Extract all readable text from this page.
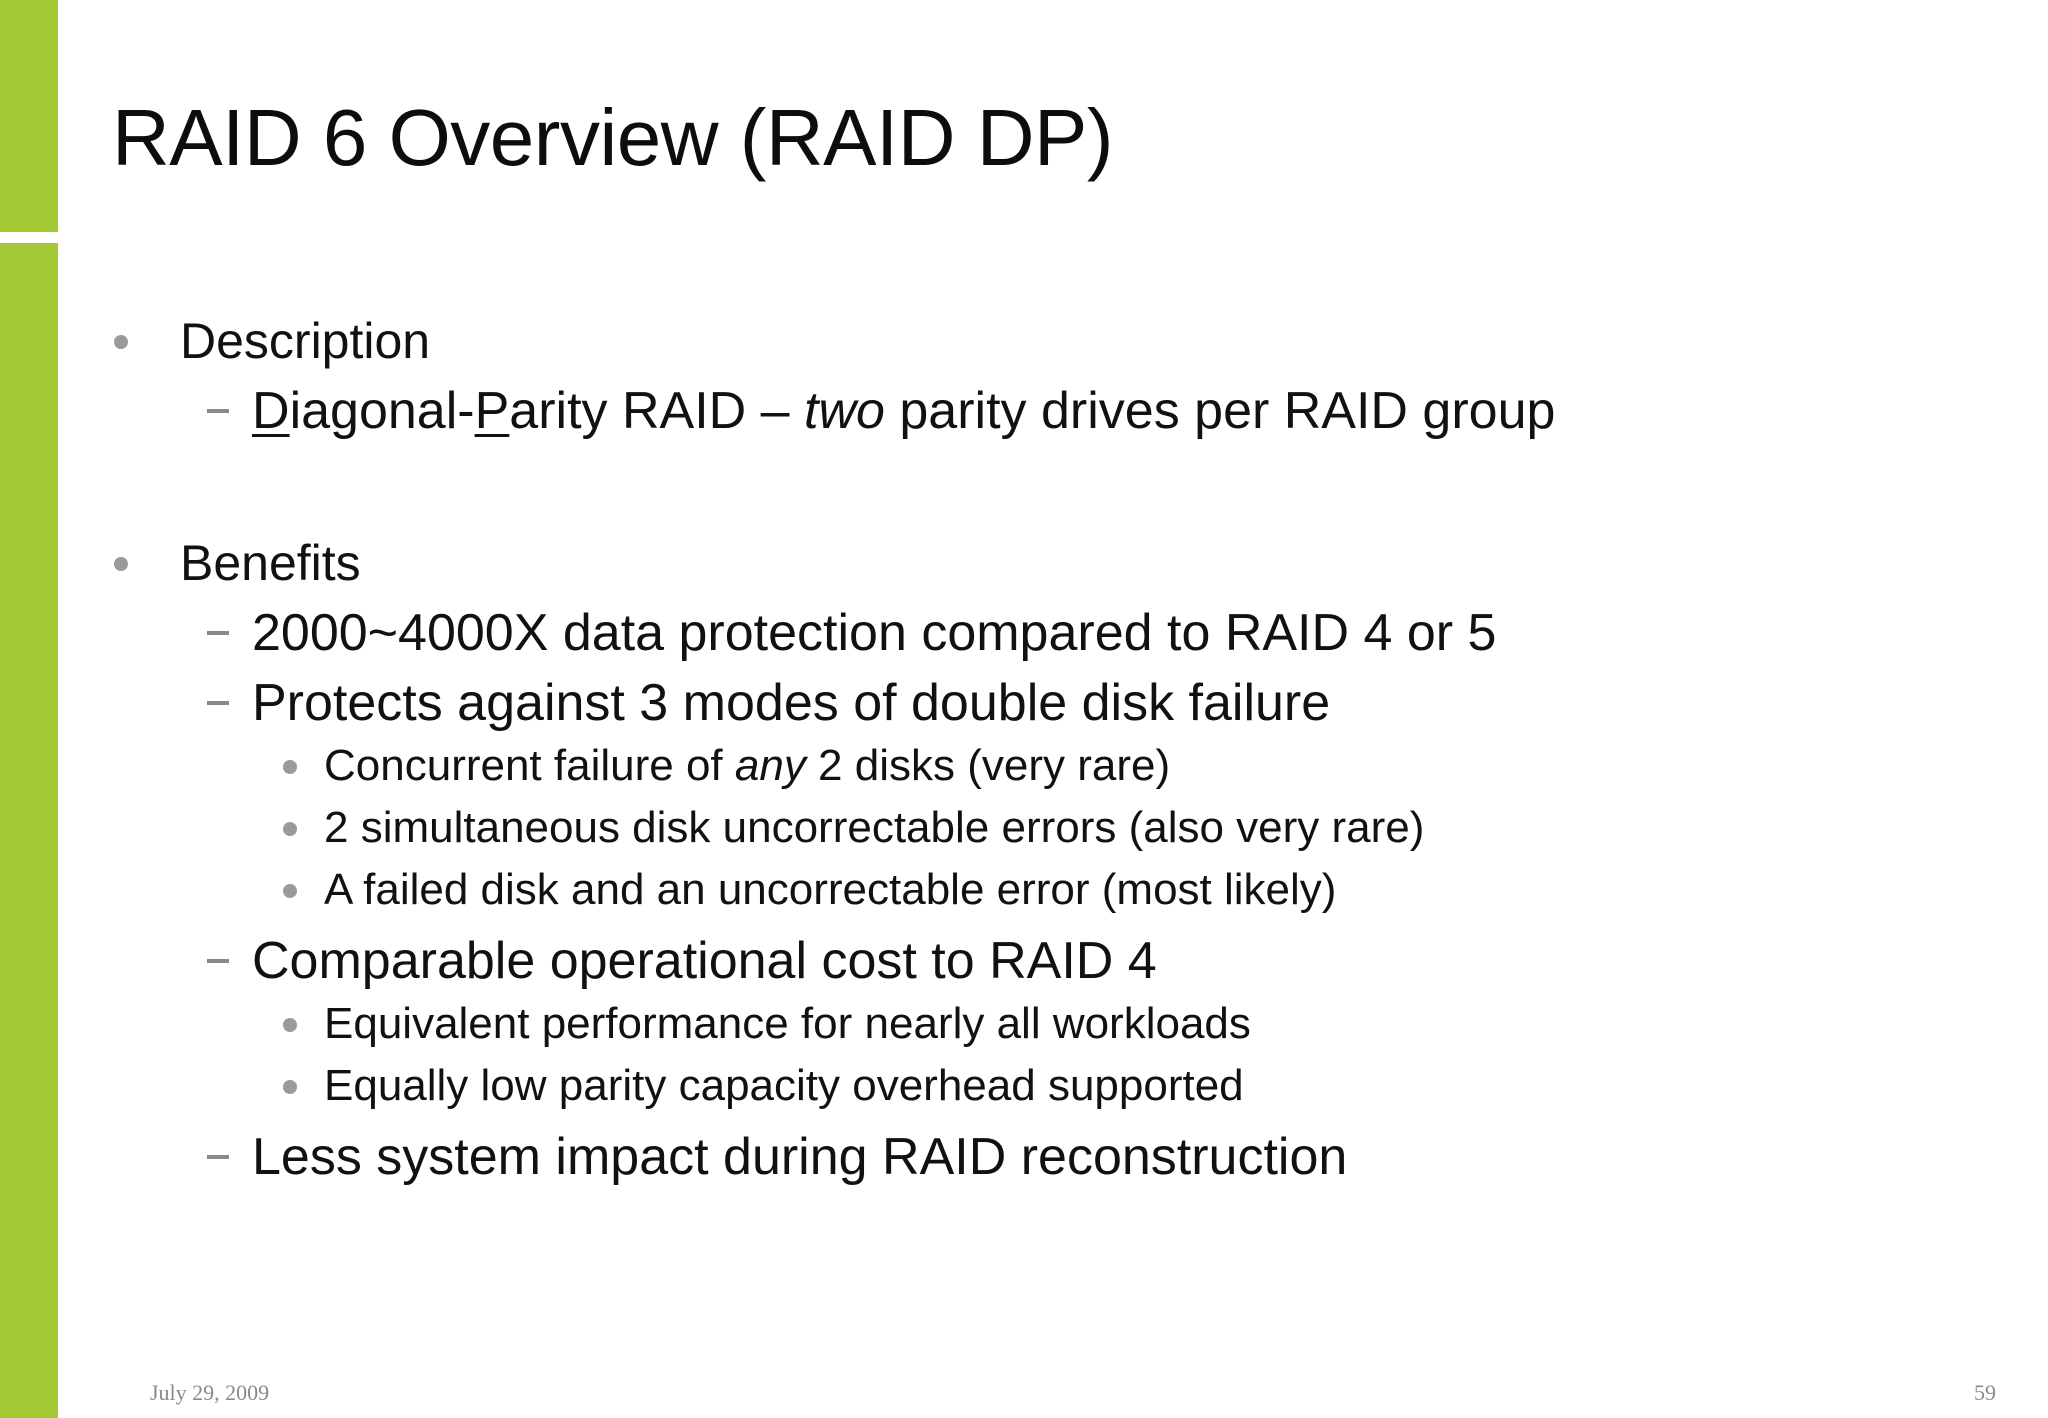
RAID 6 Overview (RAID DP)
Description
Diagonal-Parity RAID – two parity drives per RAID group
Benefits
2000~4000X data protection compared to RAID 4 or 5
Protects against 3 modes of double disk failure
Concurrent failure of any 2 disks (very rare)
2 simultaneous disk uncorrectable errors (also very rare)
A failed disk and an uncorrectable error (most likely)
Comparable operational cost to RAID 4
Equivalent performance for nearly all workloads
Equally low parity capacity overhead supported
Less system impact during RAID reconstruction
July 29, 2009	59
